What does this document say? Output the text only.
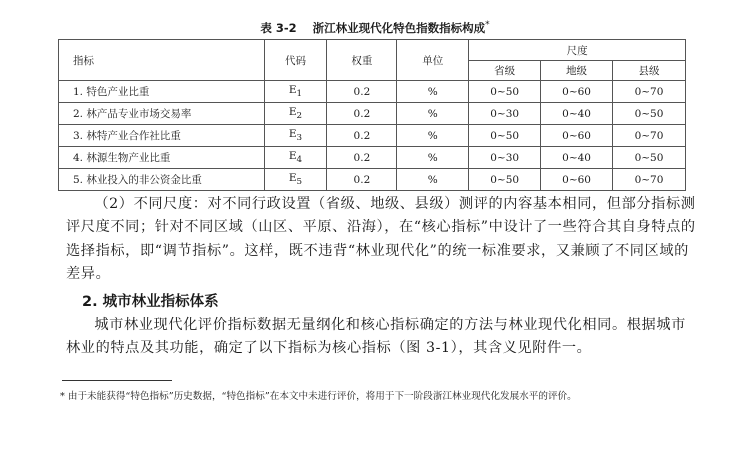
表 3-2 浙江林业现代化特色指数指标构成*
指标	代码	权重	单位	尺度		
				省级	地级	县级
1. 特色产业比重	$E_1$	0.2	%	0~50	0~60	0~70
2. 林产品专业市场交易率	$E_2$	0.2	%	0~30	0~40	0~50
3. 林特产业合作社比重	$E_3$	0.2	%	0~50	0~60	0~70
4. 林源生物产业比重	$E_4$	0.2	%	0~30	0~40	0~50
5. 林业投入的非公资金比重	$E_5$	0.2	%	0~50	0~60	0~70

（2）不同尺度：对不同行政设置（省级、地级、县级）测评的内容基本相同，但部分指标测评尺度不同；针对不同区域（山区、平原、沿海），在“核心指标”中设计了一些符合其自身特点的选择指标，即“调节指标”。这样，既不违背“林业现代化”的统一标准要求，又兼顾了不同区域的差异。

2. 城市林业指标体系

城市林业现代化评价指标数据无量纲化和核心指标确定的方法与林业现代化相同。根据城市林业的特点及其功能，确定了以下指标为核心指标（图 3-1），其含义见附件一。

* 由于未能获得“特色指标”历史数据，“特色指标”在本文中未进行评价，将用于下一阶段浙江林业现代化发展水平的评价。
